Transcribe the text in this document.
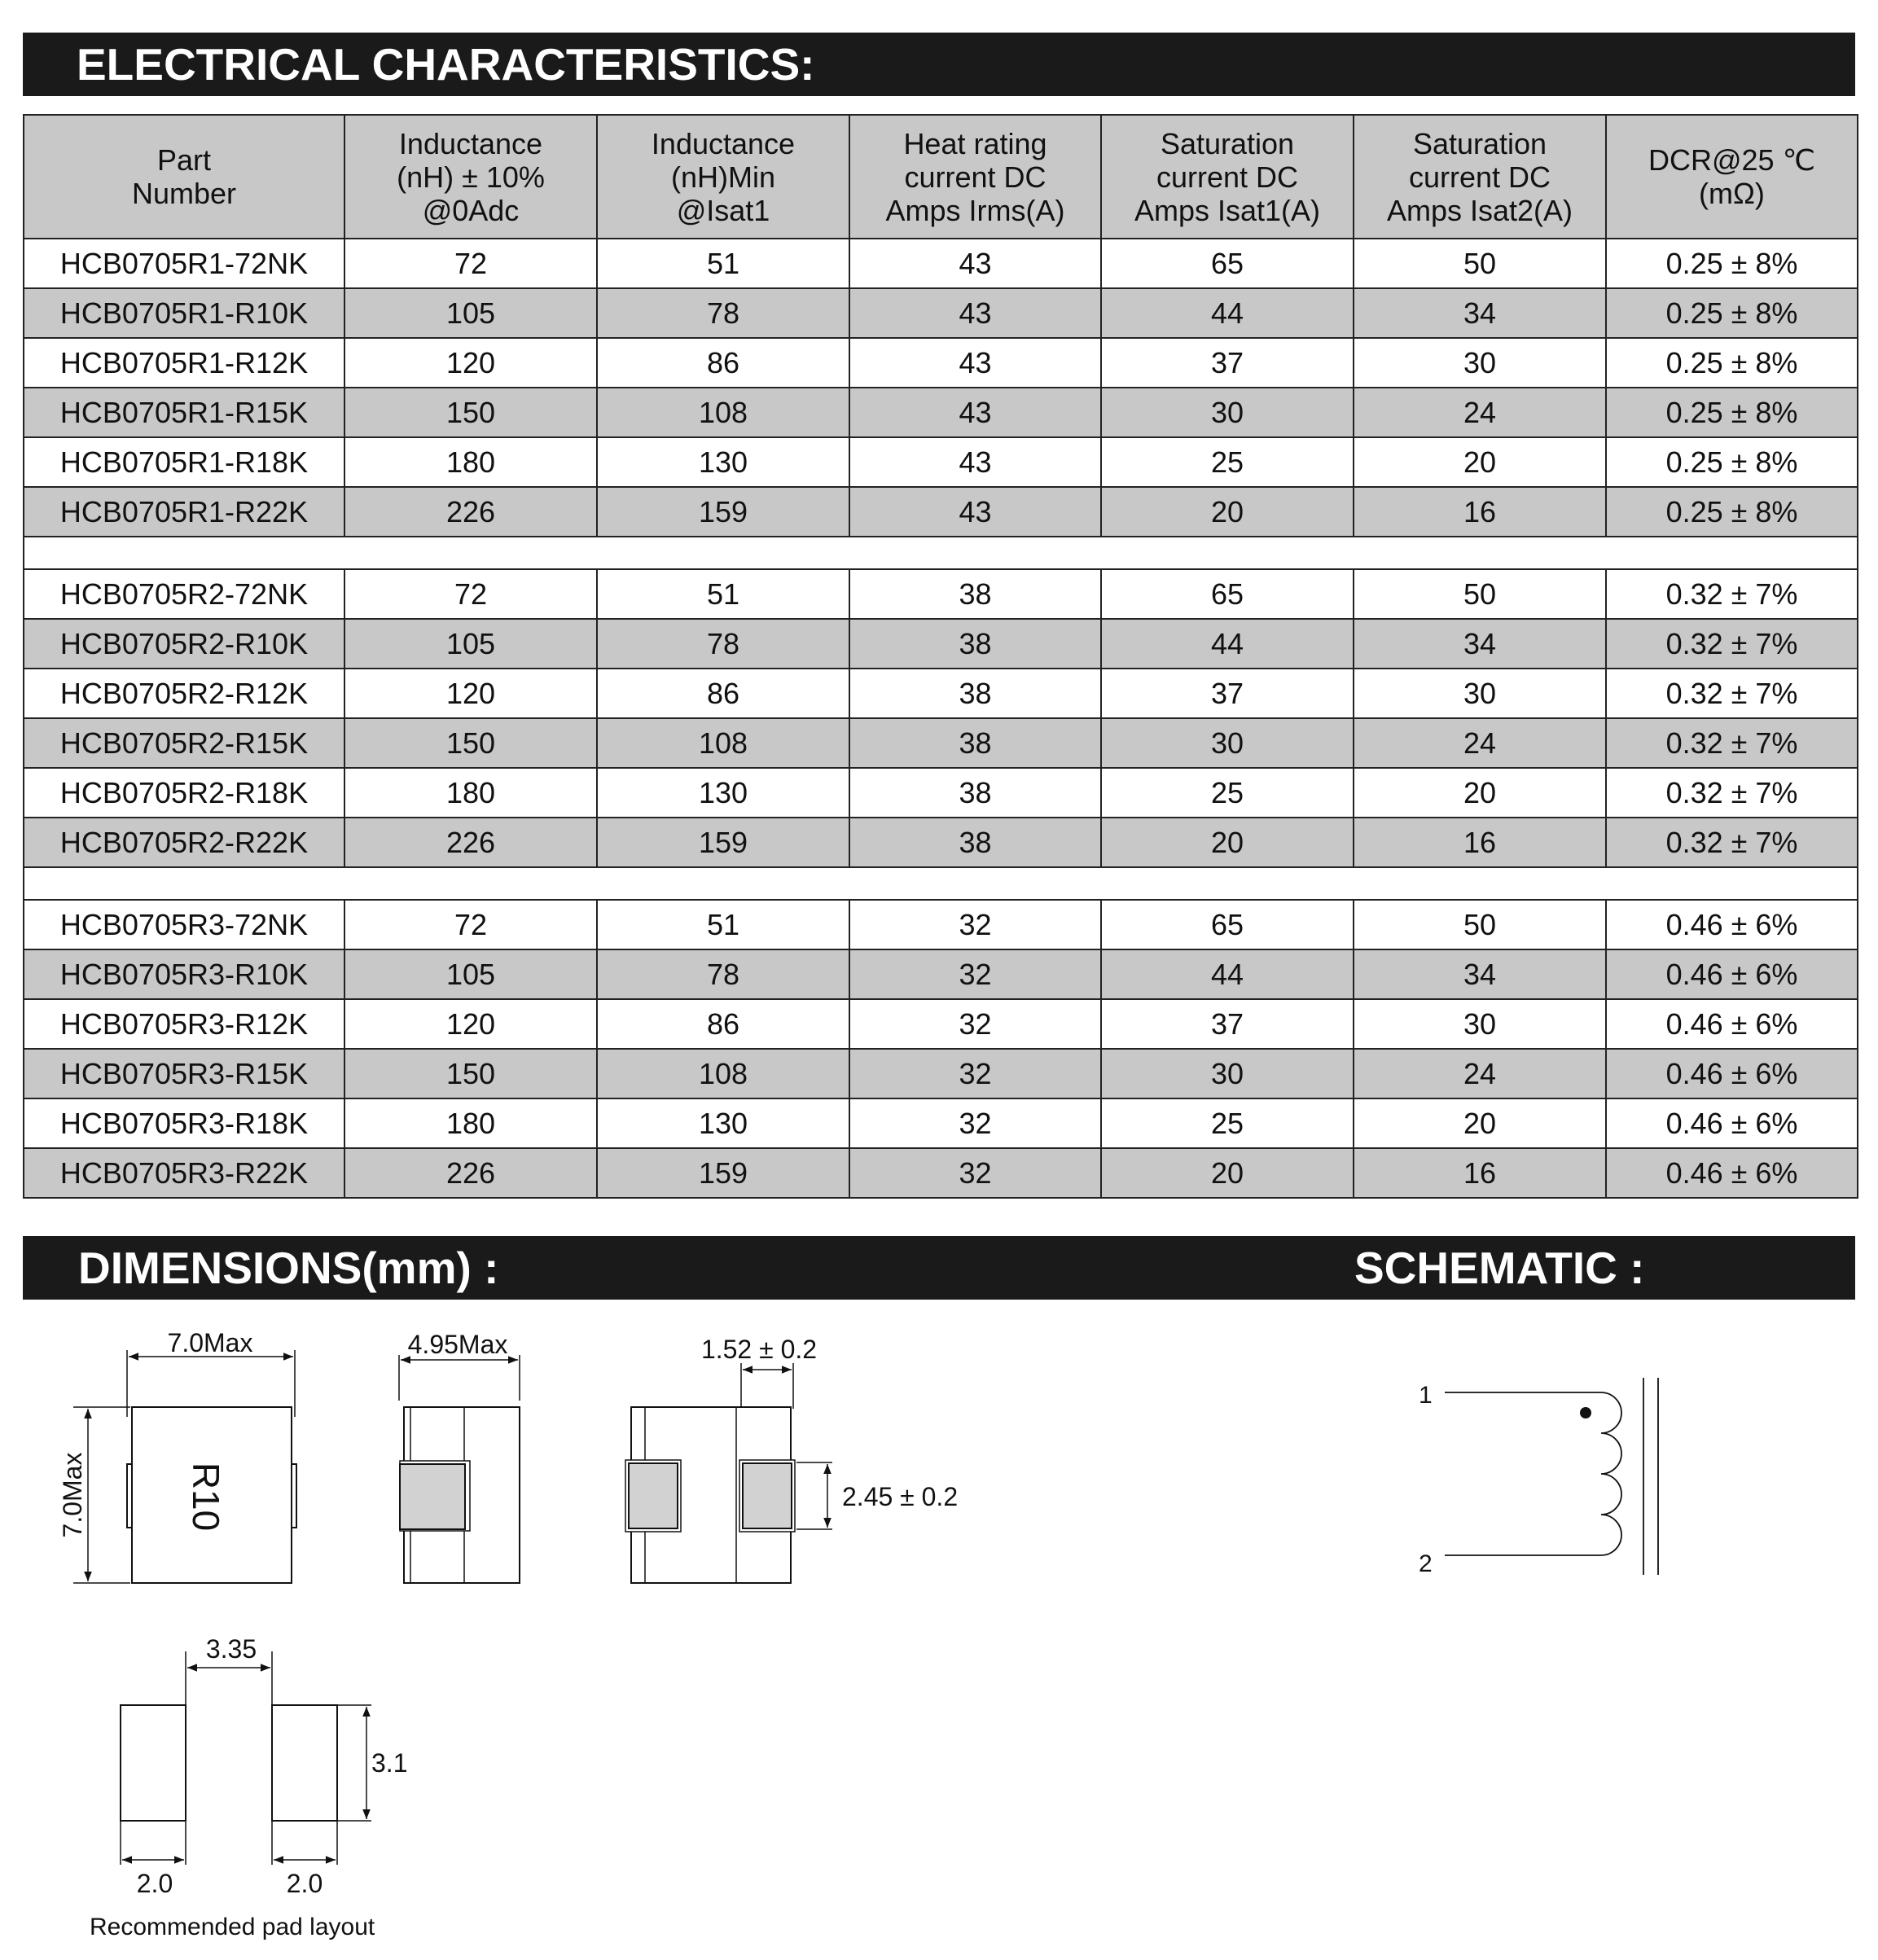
ELECTRICAL CHARACTERISTICS:
Part
Number	Inductance
(nH) ± 10%
@0Adc	Inductance
(nH)Min
@Isat1	Heat rating
current DC
Amps Irms(A)	Saturation
current DC
Amps Isat1(A)	Saturation
current DC
Amps Isat2(A)	DCR@25 ℃
(mΩ)

HCB0705R1-72NK	72	51	43	65	50	0.25 ± 8%
HCB0705R1-R10K	105	78	43	44	34	0.25 ± 8%
HCB0705R1-R12K	120	86	43	37	30	0.25 ± 8%
HCB0705R1-R15K	150	108	43	30	24	0.25 ± 8%
HCB0705R1-R18K	180	130	43	25	20	0.25 ± 8%
HCB0705R1-R22K	226	159	43	20	16	0.25 ± 8%

HCB0705R2-72NK	72	51	38	65	50	0.32 ± 7%
HCB0705R2-R10K	105	78	38	44	34	0.32 ± 7%
HCB0705R2-R12K	120	86	38	37	30	0.32 ± 7%
HCB0705R2-R15K	150	108	38	30	24	0.32 ± 7%
HCB0705R2-R18K	180	130	38	25	20	0.32 ± 7%
HCB0705R2-R22K	226	159	38	20	16	0.32 ± 7%

HCB0705R3-72NK	72	51	32	65	50	0.46 ± 6%
HCB0705R3-R10K	105	78	32	44	34	0.46 ± 6%
HCB0705R3-R12K	120	86	32	37	30	0.46 ± 6%
HCB0705R3-R15K	150	108	32	30	24	0.46 ± 6%
HCB0705R3-R18K	180	130	32	25	20	0.46 ± 6%
HCB0705R3-R22K	226	159	32	20	16	0.46 ± 6%
DIMENSIONS(mm) :	SCHEMATIC :
7.0Max
7.0Max	R10
4.95Max	1.52 ± 0.2
2.45 ± 0.2
3.35
3.1
2.0	2.0
Recommended pad layout
1
2
